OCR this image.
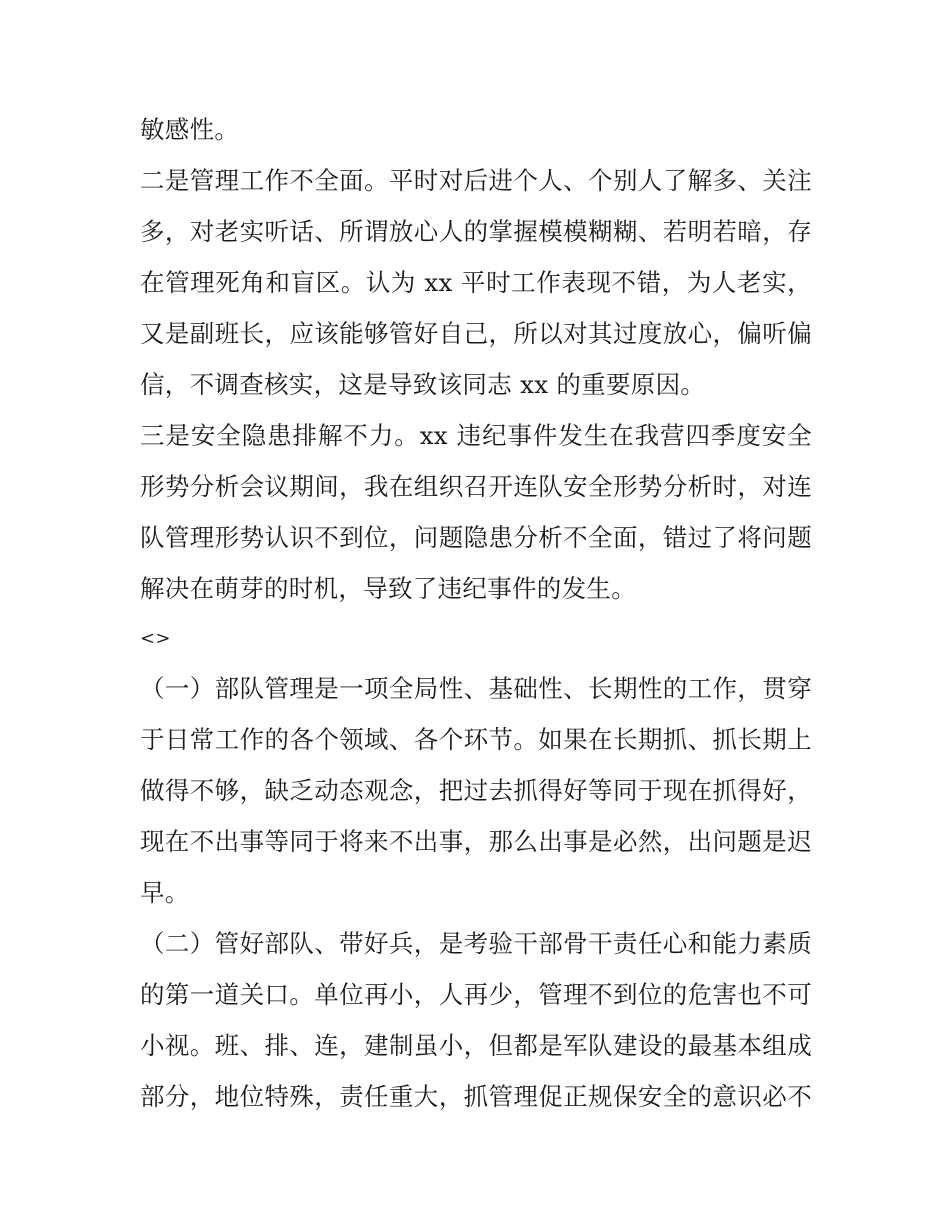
敏感性。
二是管理工作不全面。平时对后进个人、个别人了解多、关注
多，对老实听话、所谓放心人的掌握模模糊糊、若明若暗，存
在管理死角和盲区。认为 xx 平时工作表现不错，为人老实，
又是副班长，应该能够管好自己，所以对其过度放心，偏听偏
信，不调查核实，这是导致该同志 xx 的重要原因。
三是安全隐患排解不力。xx 违纪事件发生在我营四季度安全
形势分析会议期间，我在组织召开连队安全形势分析时，对连
队管理形势认识不到位，问题隐患分析不全面，错过了将问题
解决在萌芽的时机，导致了违纪事件的发生。
<>
（一）部队管理是一项全局性、基础性、长期性的工作，贯穿
于日常工作的各个领域、各个环节。如果在长期抓、抓长期上
做得不够，缺乏动态观念，把过去抓得好等同于现在抓得好，
现在不出事等同于将来不出事，那么出事是必然，出问题是迟
早。
（二）管好部队、带好兵，是考验干部骨干责任心和能力素质
的第一道关口。单位再小，人再少，管理不到位的危害也不可
小视。班、排、连，建制虽小，但都是军队建设的最基本组成
部分，地位特殊，责任重大，抓管理促正规保安全的意识必不
